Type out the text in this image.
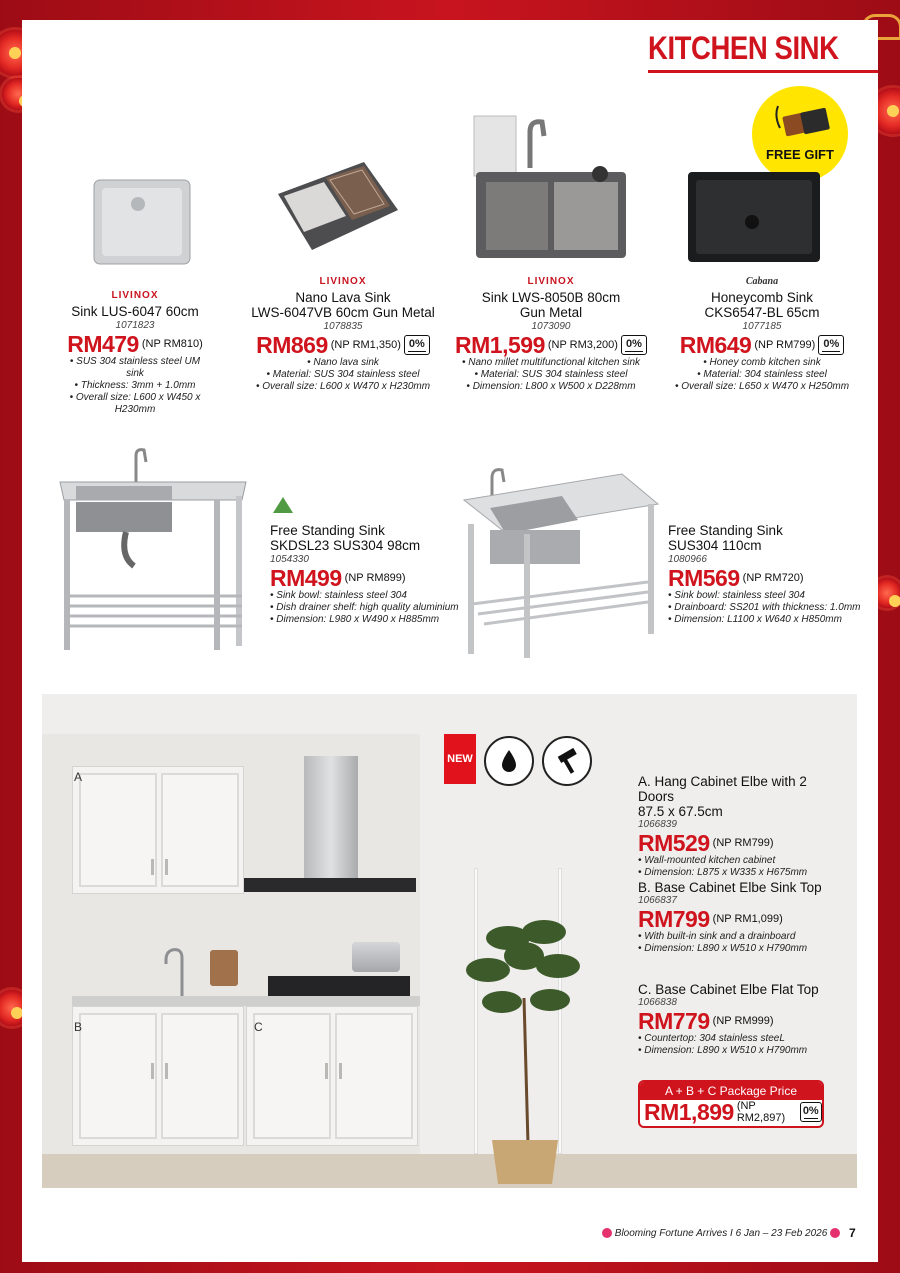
KITCHEN SINK
FREE GIFT
LIVINOX
Sink LUS-6047 60cm
1071823
RM479 (NP RM810)
• SUS 304 stainless steel UM sink
• Thickness: 3mm + 1.0mm
• Overall size: L600 x W450 x H230mm
LIVINOX
Nano Lava Sink
LWS-6047VB 60cm Gun Metal
1078835
RM869 (NP RM1,350) 0%
• Nano lava sink
• Material: SUS 304 stainless steel
• Overall size: L600 x W470 x H230mm
LIVINOX
Sink LWS-8050B 80cm
Gun Metal
1073090
RM1,599 (NP RM3,200) 0%
• Nano millet multifunctional kitchen sink
• Material: SUS 304 stainless steel
• Dimension: L800 x W500 x D228mm
Cabana
Honeycomb Sink
CKS6547-BL 65cm
1077185
RM649 (NP RM799) 0%
• Honey comb kitchen sink
• Material: 304 stainless steel
• Overall size: L650 x W470 x H250mm
Free Standing Sink
SKDSL23 SUS304 98cm
1054330
RM499 (NP RM899)
• Sink bowl: stainless steel 304
• Dish drainer shelf: high quality aluminium
• Dimension: L980 x W490 x H885mm
Free Standing Sink
SUS304 110cm
1080966
RM569 (NP RM720)
• Sink bowl: stainless steel 304
• Drainboard: SS201 with thickness: 1.0mm
• Dimension: L1100 x W640 x H850mm
A
B	C
NEW
A. Hang Cabinet Elbe with 2 Doors
87.5 x 67.5cm
1066839
RM529 (NP RM799)
• Wall-mounted kitchen cabinet
• Dimension: L875 x W335 x H675mm
B. Base Cabinet Elbe Sink Top
1066837
RM799 (NP RM1,099)
• With built-in sink and a drainboard
• Dimension: L890 x W510 x H790mm
C. Base Cabinet Elbe Flat Top
1066838
RM779 (NP RM999)
• Countertop: 304 stainless steeL
• Dimension: L890 x W510 x H790mm
A + B + C Package Price
RM1,899 (NP RM2,897)
0%
Blooming Fortune Arrives I 6 Jan – 23 Feb 2026	7
